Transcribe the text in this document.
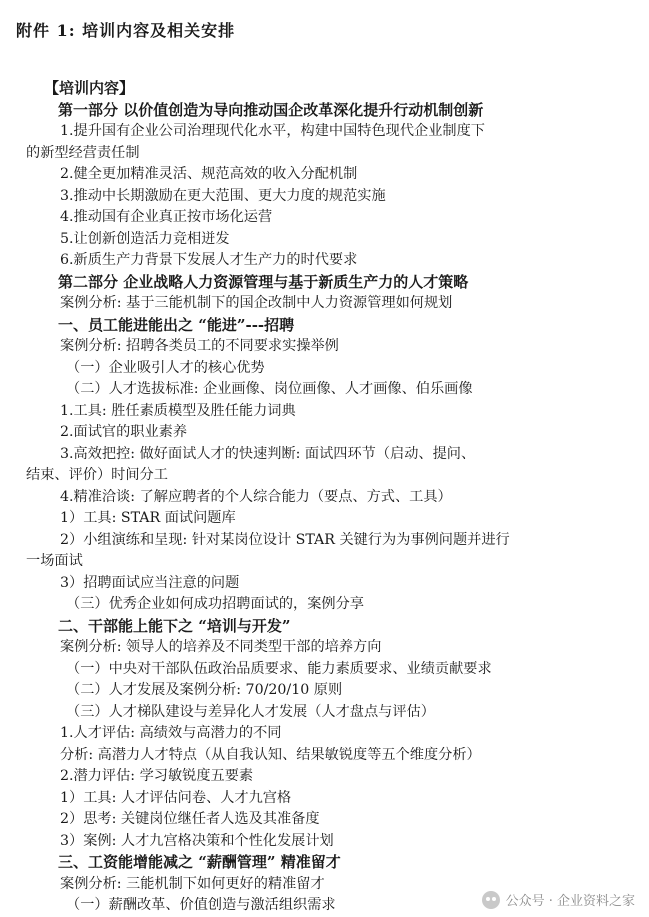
附件 1: 培训内容及相关安排

【培训内容】

第一部分 以价值创造为导向推动国企改革深化提升行动机制创新

1.提升国有企业公司治理现代化水平，构建中国特色现代企业制度下

的新型经营责任制

2.健全更加精准灵活、规范高效的收入分配机制

3.推动中长期激励在更大范围、更大力度的规范实施

4.推动国有企业真正按市场化运营

5.让创新创造活力竞相迸发

6.新质生产力背景下发展人才生产力的时代要求

第二部分 企业战略人力资源管理与基于新质生产力的人才策略

案例分析: 基于三能机制下的国企改制中人力资源管理如何规划

一、员工能进能出之 “能进”---招聘

案例分析: 招聘各类员工的不同要求实操举例

（一）企业吸引人才的核心优势

（二）人才选拔标准: 企业画像、岗位画像、人才画像、伯乐画像

1.工具: 胜任素质模型及胜任能力词典

2.面试官的职业素养

3.高效把控: 做好面试人才的快速判断: 面试四环节（启动、提问、

结束、评价）时间分工

4.精准洽谈: 了解应聘者的个人综合能力（要点、方式、工具）

1）工具: STAR 面试问题库

2）小组演练和呈现: 针对某岗位设计 STAR 关键行为为事例问题并进行

一场面试

3）招聘面试应当注意的问题

（三）优秀企业如何成功招聘面试的，案例分享

二、干部能上能下之 “培训与开发”

案例分析: 领导人的培养及不同类型干部的培养方向

（一）中央对干部队伍政治品质要求、能力素质要求、业绩贡献要求

（二）人才发展及案例分析: 70/20/10 原则

（三）人才梯队建设与差异化人才发展（人才盘点与评估）

1.人才评估: 高绩效与高潜力的不同

分析: 高潜力人才特点（从自我认知、结果敏锐度等五个维度分析）

2.潜力评估: 学习敏锐度五要素

1）工具: 人才评估问卷、人才九宫格

2）思考: 关键岗位继任者人选及其准备度

3）案例: 人才九宫格决策和个性化发展计划

三、工资能增能减之 “薪酬管理” 精准留才

案例分析: 三能机制下如何更好的精准留才

（一）薪酬改革、价值创造与激活组织需求	公众号 · 企业资料之家
